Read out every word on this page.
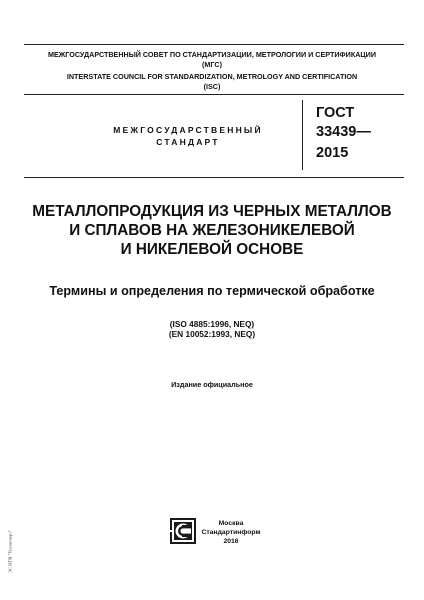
МЕЖГОСУДАРСТВЕННЫЙ СОВЕТ ПО СТАНДАРТИЗАЦИИ, МЕТРОЛОГИИ И СЕРТИФИКАЦИИ
(МГС)
INTERSTATE COUNCIL FOR STANDARDIZATION, METROLOGY AND CERTIFICATION
(ISC)
МЕЖГОСУДАРСТВЕННЫЙ
СТАНДАРТ
ГОСТ
33439—
2015
МЕТАЛЛОПРОДУКЦИЯ ИЗ ЧЕРНЫХ МЕТАЛЛОВ
И СПЛАВОВ НА ЖЕЛЕЗОНИКЕЛЕВОЙ
И НИКЕЛЕВОЙ ОСНОВЕ
Термины и определения по термической обработке
(ISO 4885:1996, NEQ)
(EN 10052:1993, NEQ)
Издание официальное
Москва
Стандартинформ
2016
ЭС НТИ "Техэксперт"
